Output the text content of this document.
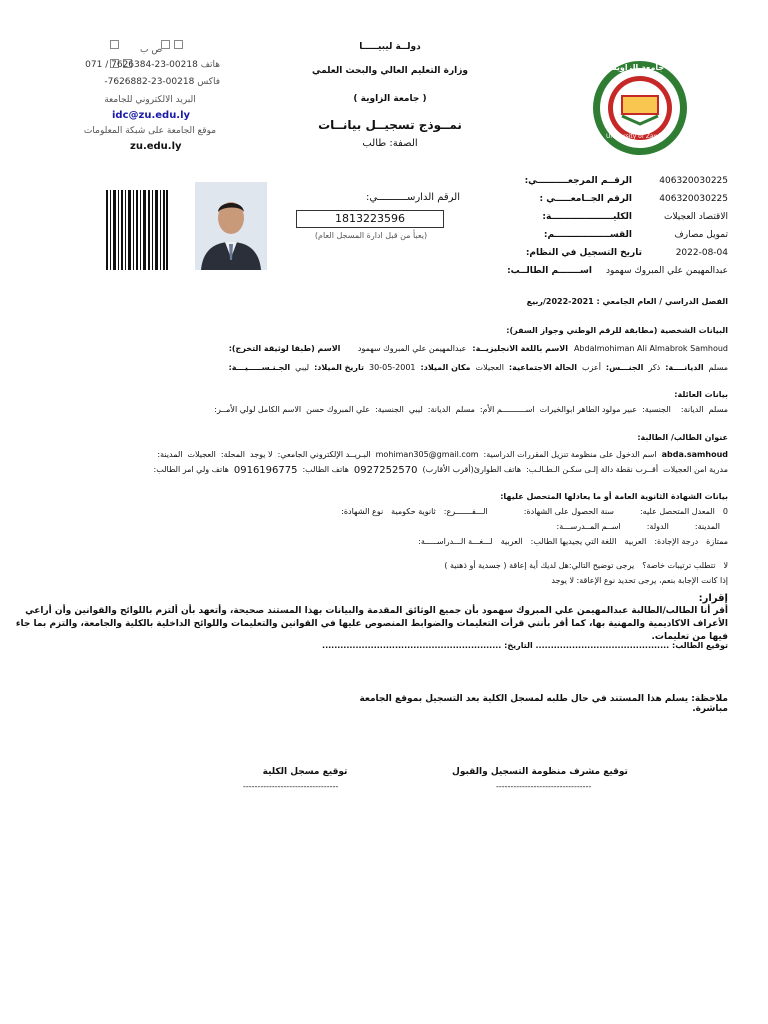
ص ب
هاتف 00218-23-7626384 / 071
فاكس 00218-23-7626882-
البريد الالكتروني للجامعة
idc@zu.edu.ly
موقع الجامعة على شبكة المعلومات
zu.edu.ly
دولــة ليبيـــــا
وزارة التعليم العالي والبحث العلمي
( جامعة الزاوية )
نمــوذج تسجيــل بيانــات
الصفة: طالب
جامعة الزاوية
University of Zawia
1988
الرقــم المرجعــــــــــي:	406320030225
الرقم الجــامعـــــي :	406320030225
الكليــــــــــــــــــــة:	الاقتصاد العجيلات
القســــــــــــــــــم:	تمويل مصارف
تاريخ التسجيل في النظام:	2022-08-04
اســـــــم الطالــب:	عبدالمهيمن علي المبروك سهمود
الرقم الدارســــــــــي:
1813223596
(يعبأ من قبل ادارة المسجل العام)
الفصل الدراسي / العام الجامعي : 2021-2022/ربيع
البيانات الشخصية (مطابقة للرقم الوطني وجواز السفر):
الاسم (طبقا لوثيقة التخرج):	عبدالمهيمن علي المبروك سهمود الاسم باللغة الانجليزيــة: Abdalmohiman Ali Almabrok Samhoud
الجـنـســـــيـــة: ليبي تاريخ الميلاد: 30-05-2001 مكان الميلاد: العجيلات الحالة الاجتماعية: أعزب الجنـــس: ذكر الديانــــة: مسلم
بيانات العائلة:
الاسم الكامل لولي الأمــر: علي المبروك حسن الجنسية: ليبي الديانة: مسلم اســــــــــم الأم: عبير مولود الطاهر ابوالخيرات الجنسية: الديانة: مسلم
عنوان الطالب/ الطالبة:
المدينة: العجيلات المحلة: لا يوجد البـريــد الإلكتروني الجامعي: mohiman305@gmail.com اسم الدخول على منظومة تنزيل المقررات الدراسية: abda.samhoud
هاتف ولي امر الطالب: 0916196775 هاتف الطالب: 0927252570 هاتف الطوارئ(أقرب الأقارب) أقــرب نقطة دالة إلـى سكـن الـطـالـب: مدرية امن العجيلات
بيانات الشهادة الثانوية العامة أو ما يعادلها المتحصل عليها:
نوع الشهادة: ثانوية حكومية الـــفـــــــرع:	سنة الحصول على الشهادة:	المعدل المتحصل عليه: 0
اســم المــدرســـة:	الدولة:	المدينة:
لـــغـــة الـــدراســـــة: العربية اللغة التي يجيديها الطالب: العربية درجة الإجادة: ممتازة
يرجى توضيح التالي:هل لديك أية إعاقة ( جسدية أو ذهنية ) تتطلب ترتيبات خاصة؟ لا
إذا كانت الإجابة بنعم، يرجى تحديد نوع الإعاقة: لا يوجد
إقرار:
أقر أنا الطالب/الطالبة عبدالمهيمن علي المبروك سهمود بأن جميع الوثائق المقدمة والبيانات بهذا المستند صحيحة، وأتعهد بأن ألتزم باللوائح والقوانين وأن أراعي الأعراف الاكاديمية والمهنية بها، كما أقر بأنني قرأت التعليمات والضوابط المنصوص عليها في القوانين والتعليمات واللوائح الداخلية بالكلية والجامعة، والتزم بما جاء فيها من تعليمات.
توقيع الطالب: ............................................ التاريخ: ...........................................................
ملاحظة: يسلم هذا المستند في حال طلبه لمسجل الكلية بعد التسجيل بموقع الجامعة مباشرة.
توقيع مشرف منظومة التسجيل والقبول
---------------------------------
توقيع مسجل الكلية
---------------------------------
